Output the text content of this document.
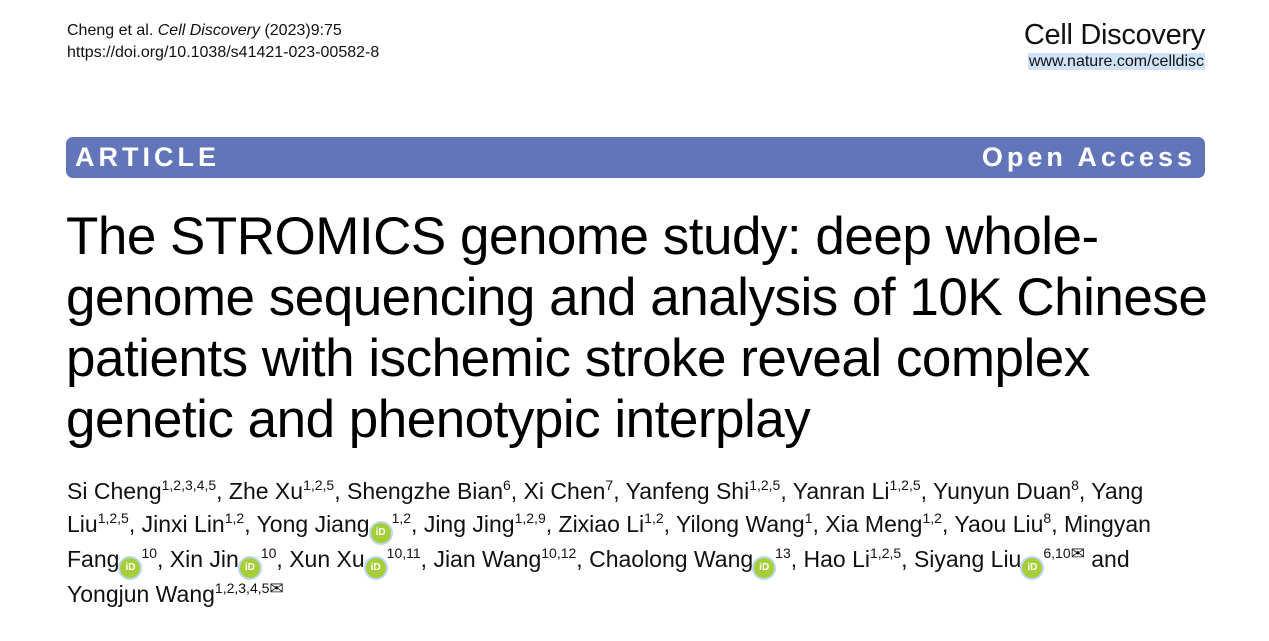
Cheng et al. Cell Discovery (2023)9:75
https://doi.org/10.1038/s41421-023-00582-8
Cell Discovery
www.nature.com/celldisc
ARTICLE	Open Access
The STROMICS genome study: deep whole-genome sequencing and analysis of 10K Chinese patients with ischemic stroke reveal complex genetic and phenotypic interplay

Si Cheng$^{1,2,3,4,5}$, Zhe Xu$^{1,2,5}$, Shengzhe Bian$^6$, Xi Chen$^7$, Yanfeng Shi$^{1,2,5}$, Yanran Li$^{1,2,5}$, Yunyun Duan$^8$, Yang Liu$^{1,2,5}$, Jinxi Lin$^{1,2}$, Yong Jiang iD$^{1,2}$, Jing Jing$^{1,2,9}$, Zixiao Li$^{1,2}$, Yilong Wang$^1$, Xia Meng$^{1,2}$, Yaou Liu$^8$, Mingyan Fang $iD^{10}$, Xin Jin $iD^{10}$, Xun Xu iD$^{10,11}$, Jian Wang$^{10,12}$, Chaolong Wang $iD^{13}$, Hao Li$^{1,2,5}$, Siyang Liu $iD^{6,10✉}$ and Yongjun Wang$^{1,2,3,4,5✉}$
